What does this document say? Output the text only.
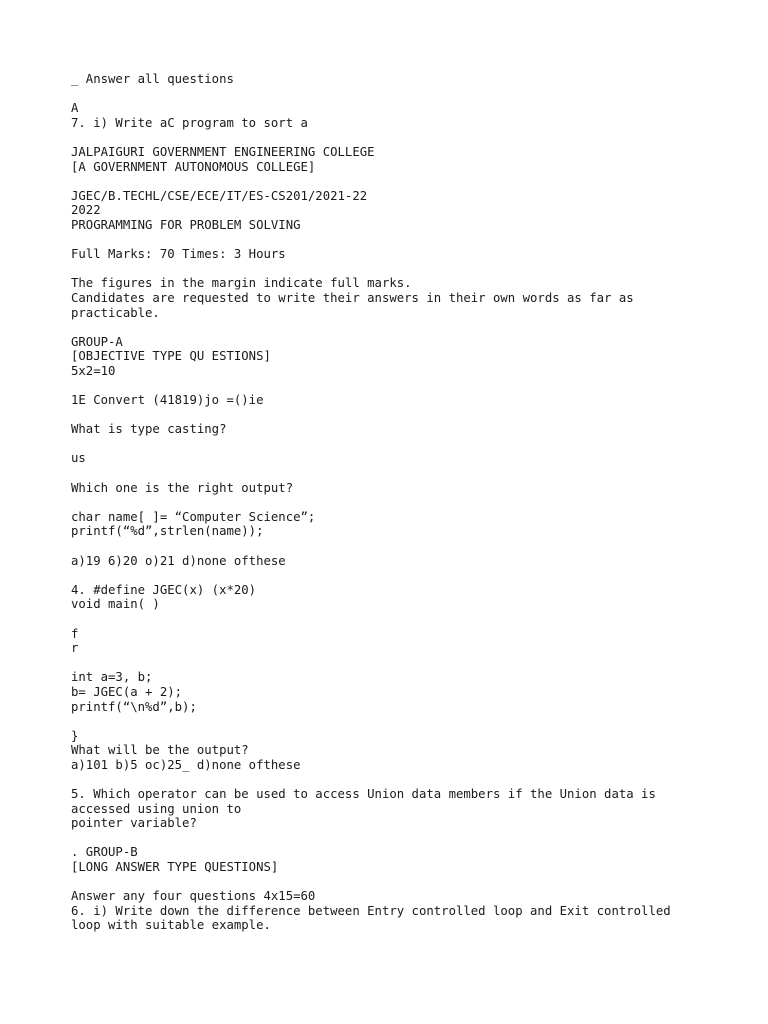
_ Answer all questions
A
7. i) Write aC program to sort a
JALPAIGURI GOVERNMENT ENGINEERING COLLEGE
[A GOVERNMENT AUTONOMOUS COLLEGE]
JGEC/B.TECHL/CSE/ECE/IT/ES-CS201/2021-22
2022
PROGRAMMING FOR PROBLEM SOLVING
Full Marks: 70 Times: 3 Hours
The figures in the margin indicate full marks.
Candidates are requested to write their answers in their own words as far as
practicable.
GROUP-A
[OBJECTIVE TYPE QU ESTIONS]
5x2=10
1E Convert (41819)jo =()ie
What is type casting?
us
Which one is the right output?
char name[ ]= “Computer Science”;
printf(“%d”,strlen(name));
a)19 6)20 o)21 d)none ofthese
4. #define JGEC(x) (x*20)
void main( )
f
r
int a=3, b;
b= JGEC(a + 2);
printf(“\n%d”,b);
}
What will be the output?
a)101 b)5 oc)25_ d)none ofthese
5. Which operator can be used to access Union data members if the Union data is
accessed using union to
pointer variable?
. GROUP-B
[LONG ANSWER TYPE QUESTIONS]
Answer any four questions 4x15=60
6. i) Write down the difference between Entry controlled loop and Exit controlled
loop with suitable example.
